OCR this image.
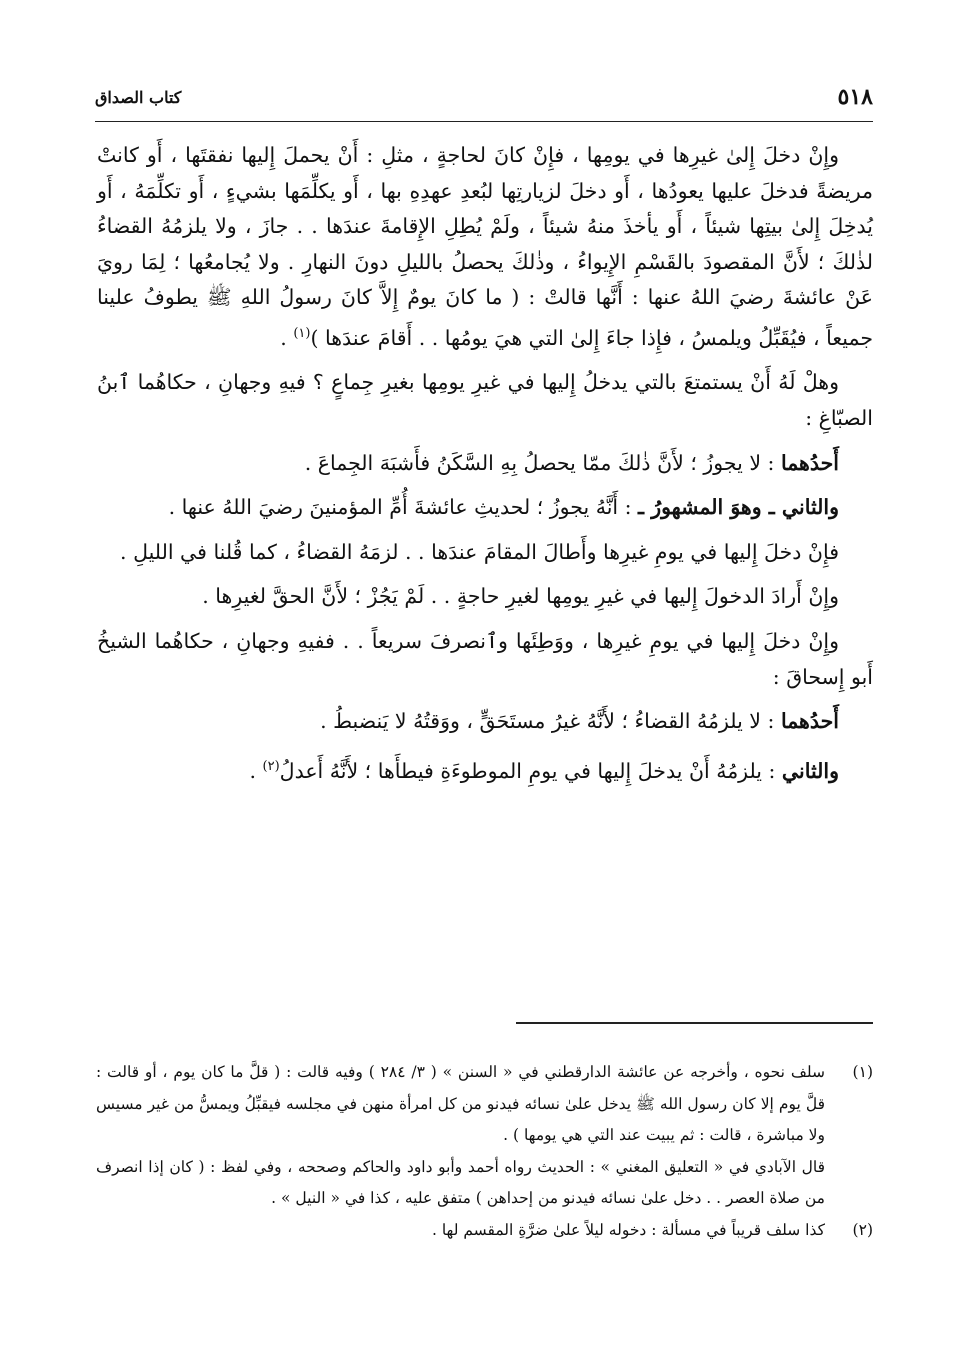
٥١٨
كتاب الصداق

وإِنْ دخلَ إِلىٰ غيرِها في يومِها ، فإِنْ كانَ لحاجةٍ ، مثلِ : أَنْ يحملَ إِليها نفقتَها ، أَو كانتْ مريضةً فدخلَ عليها يعودُها ، أَو دخلَ لزيارتِها لبُعدِ عهدِهِ بها ، أَو يكلِّمَها بشيءٍ ، أَو تكلِّمَهُ ، أَو يُدخِلَ إِلىٰ بيتِها شيئاً ، أَو يأخذَ منهُ شيئاً ، ولَمْ يُطِلِ الإِقامةَ عندَها . . جازَ ، ولا يلزمُهُ القضاءُ لذٰلكَ ؛ لأَنَّ المقصودَ بالقَسْمِ الإِيواءُ ، وذٰلكَ يحصلُ بالليلِ دونَ النهارِ . ولا يُجامعُها ؛ لِمَا رويَ عَنْ عائشةَ رضيَ اللهُ عنها : أَنَّها قالتْ : ( ما كانَ يومٌ إِلاَّ كانَ رسولُ اللهِ ﷺ يطوفُ علينا جميعاً ، فيُقَبِّلُ ويلمسُ ، فإِذا جاءَ إِلىٰ التي هيَ يومُها . . أَقامَ عندَها )$^{(١)}$ .

وهلْ لَهُ أَنْ يستمتعَ بالتي يدخلُ إِليها في غيرِ يومِها بغيرِ جِماعٍ ؟ فيهِ وجهانِ ، حكاهُما ٱبنُ الصبّاغِ :

أَحدُهما : لا يجوزُ ؛ لأَنَّ ذٰلكَ ممّا يحصلُ بِهِ السَّكَنُ فأَشبَهَ الجِماعَ .

والثاني ـ وهوَ المشهورُ ـ : أَنَّهُ يجوزُ ؛ لحديثِ عائشةَ أُمِّ المؤمنينَ رضيَ اللهُ عنها .

فإِنْ دخلَ إِليها في يومِ غيرِها وأَطالَ المقامَ عندَها . . لزمَهُ القضاءُ ، كما قُلنا في الليلِ .

وإِنْ أَرادَ الدخولَ إِليها في غيرِ يومِها لغيرِ حاجةٍ . . لَمْ يَجُزْ ؛ لأَنَّ الحقَّ لغيرِها .

وإِنْ دخلَ إِليها في يومِ غيرِها ، ووَطِئَها وٱنصرفَ سريعاً . . ففيهِ وجهانِ ، حكاهُما الشيخُ أَبو إِسحاقَ :

أَحدُهما : لا يلزمُهُ القضاءُ ؛ لأَنَّهُ غيرُ مستَحَقٍّ ، ووَقتُهُ لا يَنضبطُ .

والثاني : يلزمُهُ أَنْ يدخلَ إِليها في يومِ الموطوءَةِ فيطأَها ؛ لأَنَّهُ أَعدلُ$^{(٢)}$ .

(١)

سلف نحوه ، وأخرجه عن عائشة الدارقطني في « السنن » ( ٣/ ٢٨٤ ) وفيه قالت : ( قلَّ ما كان يوم ، أو قالت : قلَّ يوم إلا كان رسول الله ﷺ يدخل علىٰ نسائه فيدنو من كل امرأة منهن في مجلسه فيقبِّلُ ويمسُّ من غير مسيس ولا مباشرة ، قالت : ثم يبيت عند التي هي يومها ) .

قال الآبادي في « التعليق المغني » : الحديث رواه أحمد وأبو داود والحاكم وصححه ، وفي لفظ : ( كان إذا انصرف من صلاة العصر . . دخل علىٰ نسائه فيدنو من إحداهن ) متفق عليه ، كذا في « النيل » .

(٢)

كذا سلف قريباً في مسألة : دخوله ليلاً علىٰ ضرَّةِ المقسم لها .
